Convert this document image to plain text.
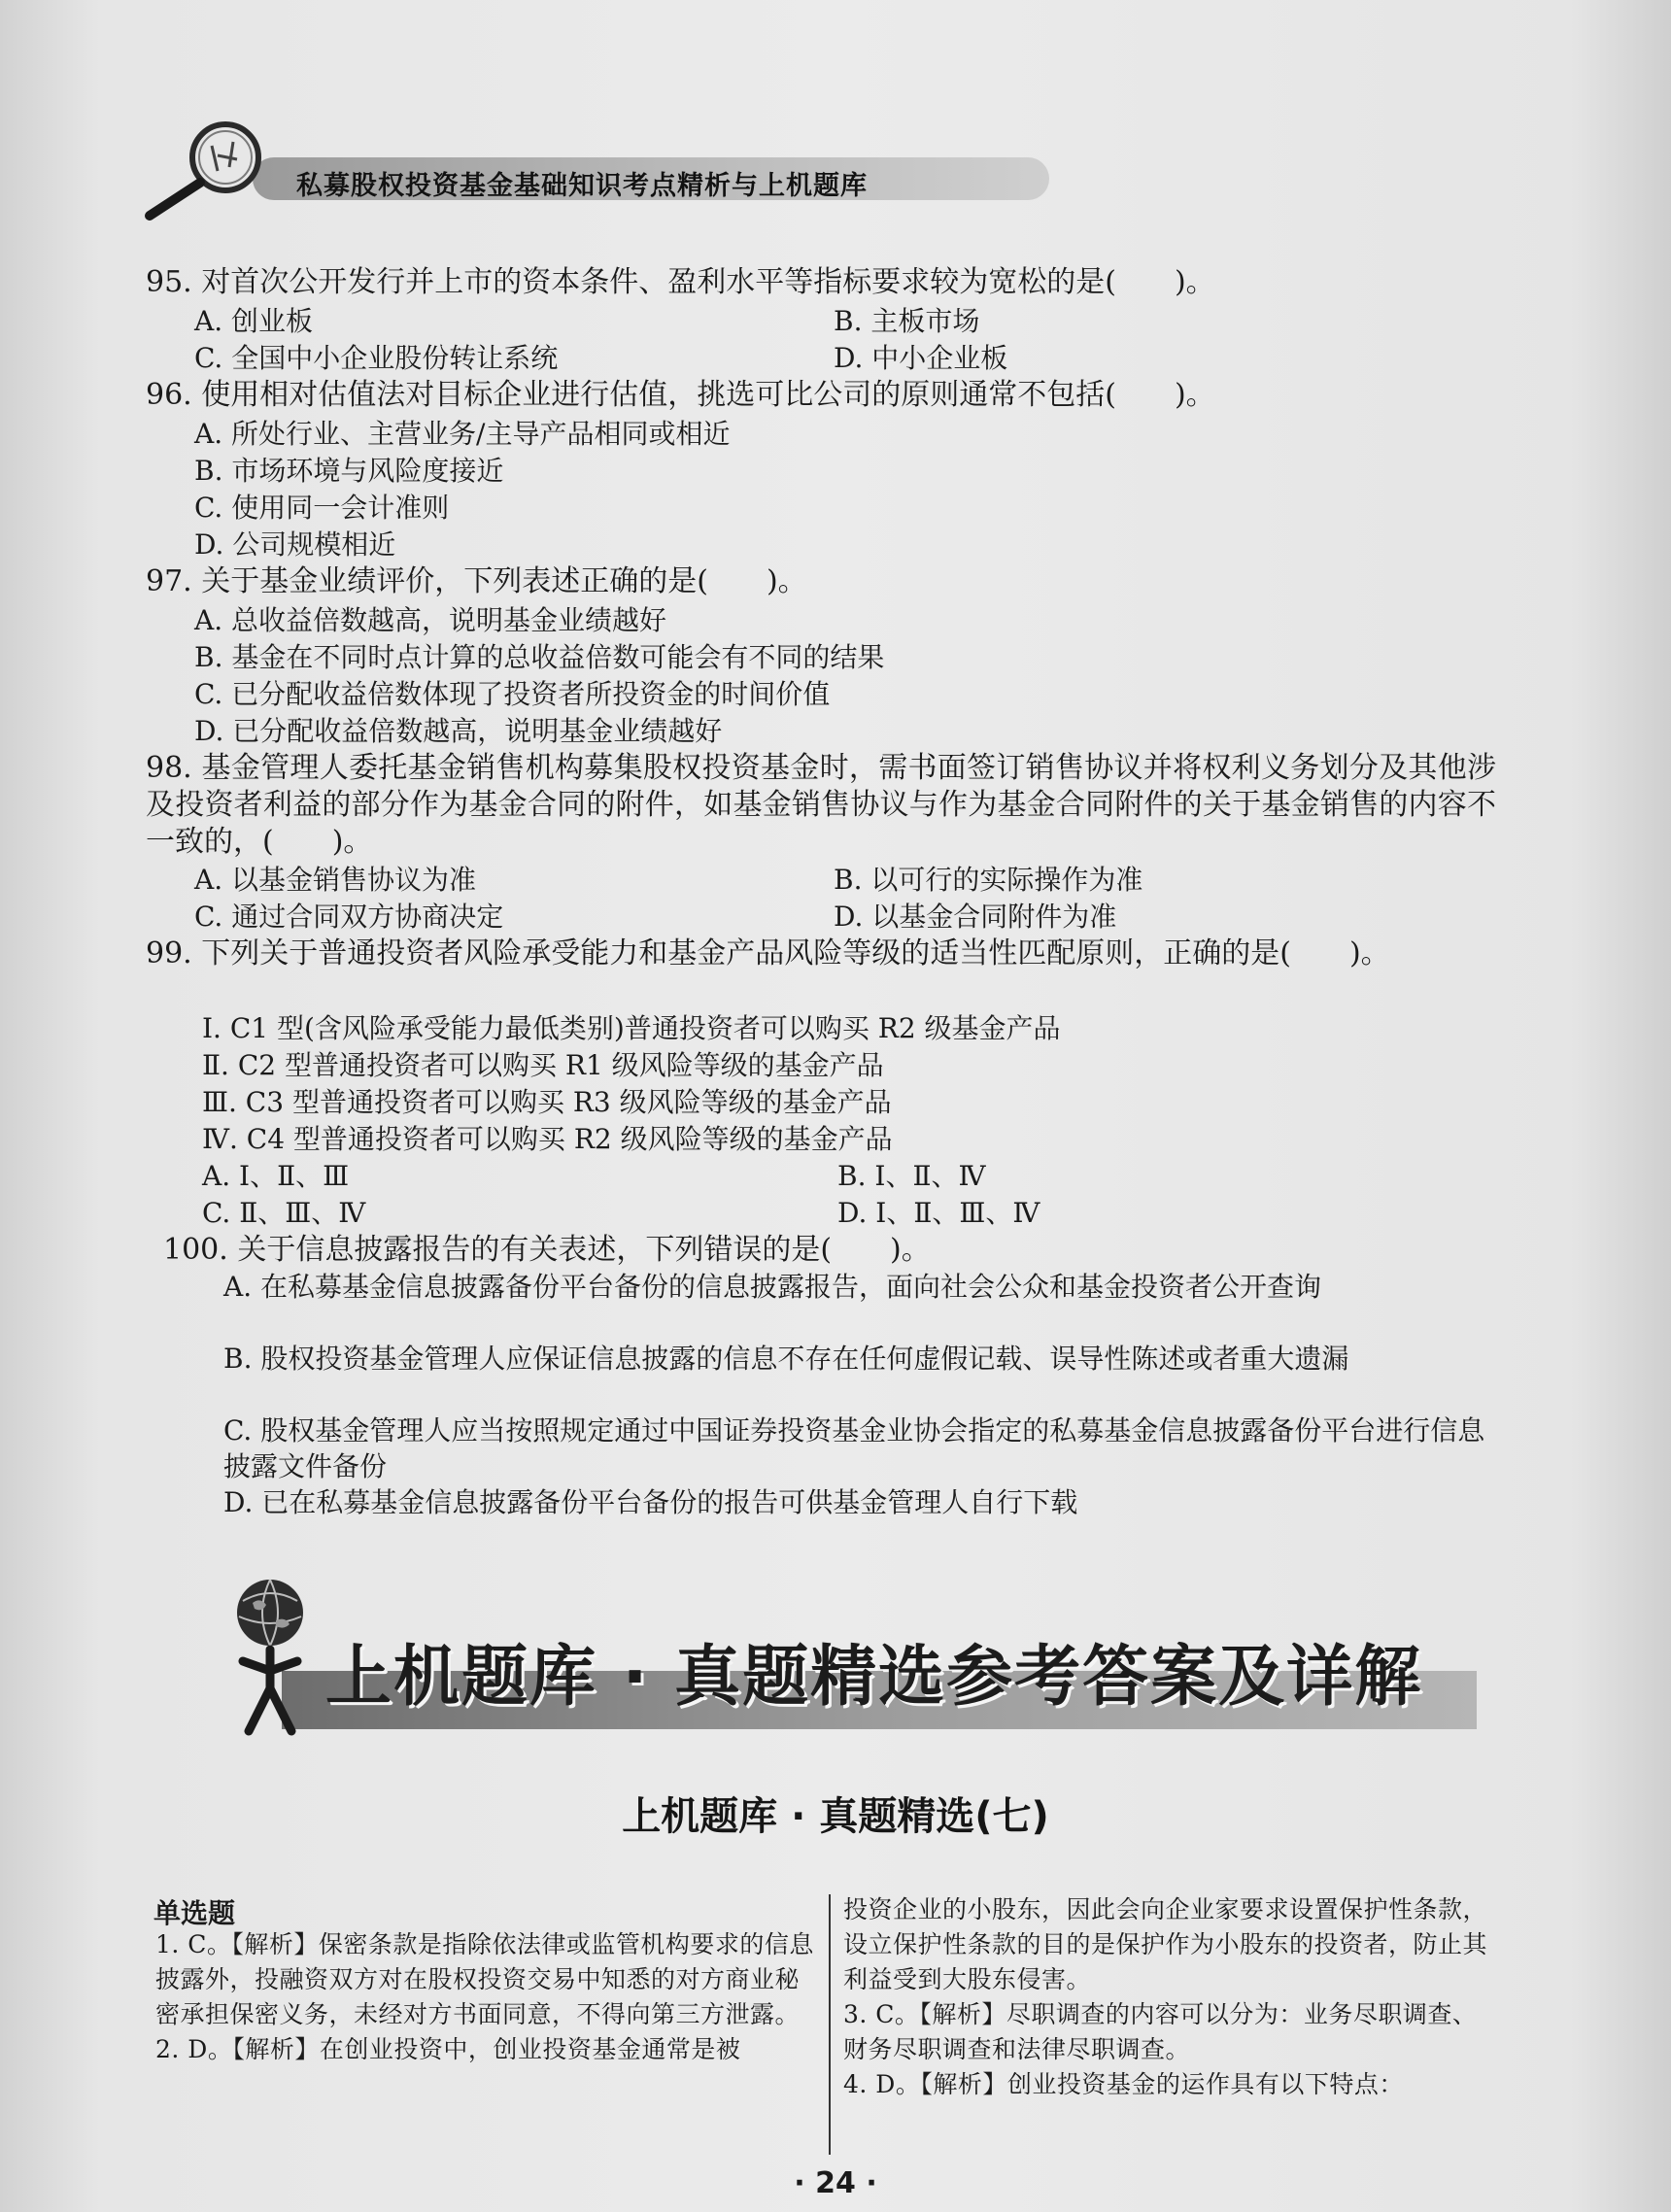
私募股权投资基金基础知识考点精析与上机题库
95. 对首次公开发行并上市的资本条件、盈利水平等指标要求较为宽松的是(　　)。
A. 创业板	B. 主板市场
C. 全国中小企业股份转让系统	D. 中小企业板
96. 使用相对估值法对目标企业进行估值，挑选可比公司的原则通常不包括(　　)。
A. 所处行业、主营业务/主导产品相同或相近
B. 市场环境与风险度接近
C. 使用同一会计准则
D. 公司规模相近
97. 关于基金业绩评价，下列表述正确的是(　　)。
A. 总收益倍数越高，说明基金业绩越好
B. 基金在不同时点计算的总收益倍数可能会有不同的结果
C. 已分配收益倍数体现了投资者所投资金的时间价值
D. 已分配收益倍数越高，说明基金业绩越好
98. 基金管理人委托基金销售机构募集股权投资基金时，需书面签订销售协议并将权利义务划分及其他涉及投资者利益的部分作为基金合同的附件，如基金销售协议与作为基金合同附件的关于基金销售的内容不一致的，(　　)。
A. 以基金销售协议为准	B. 以可行的实际操作为准
C. 通过合同双方协商决定	D. 以基金合同附件为准
99. 下列关于普通投资者风险承受能力和基金产品风险等级的适当性匹配原则，正确的是(　　)。
Ⅰ. C1 型(含风险承受能力最低类别)普通投资者可以购买 R2 级基金产品
Ⅱ. C2 型普通投资者可以购买 R1 级风险等级的基金产品
Ⅲ. C3 型普通投资者可以购买 R3 级风险等级的基金产品
Ⅳ. C4 型普通投资者可以购买 R2 级风险等级的基金产品
A. Ⅰ、Ⅱ、Ⅲ	B. Ⅰ、Ⅱ、Ⅳ
C. Ⅱ、Ⅲ、Ⅳ	D. Ⅰ、Ⅱ、Ⅲ、Ⅳ
100. 关于信息披露报告的有关表述，下列错误的是(　　)。
A. 在私募基金信息披露备份平台备份的信息披露报告，面向社会公众和基金投资者公开查询
B. 股权投资基金管理人应保证信息披露的信息不存在任何虚假记载、误导性陈述或者重大遗漏
C. 股权基金管理人应当按照规定通过中国证券投资基金业协会指定的私募基金信息披露备份平台进行信息披露文件备份
D. 已在私募基金信息披露备份平台备份的报告可供基金管理人自行下载
上机题库 · 真题精选参考答案及详解
上机题库 · 真题精选(七)
单选题

1. C。【解析】保密条款是指除依法律或监管机构要求的信息披露外，投融资双方对在股权投资交易中知悉的对方商业秘密承担保密义务，未经对方书面同意，不得向第三方泄露。

2. D。【解析】在创业投资中，创业投资基金通常是被

投资企业的小股东，因此会向企业家要求设置保护性条款，设立保护性条款的目的是保护作为小股东的投资者，防止其利益受到大股东侵害。

3. C。【解析】尽职调查的内容可以分为：业务尽职调查、财务尽职调查和法律尽职调查。

4. D。【解析】创业投资基金的运作具有以下特点：

· 24 ·
